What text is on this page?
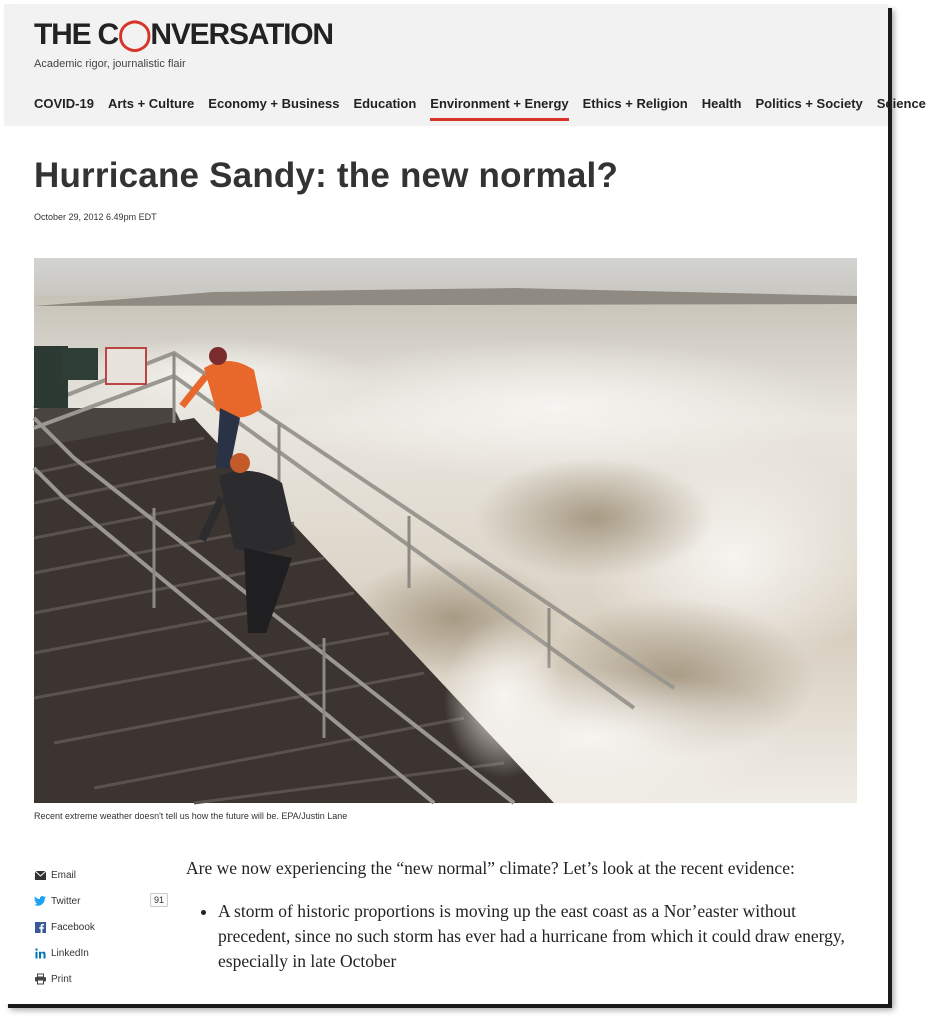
THE C◯NVERSATION
Academic rigor, journalistic flair
COVID-19 Arts + Culture Economy + Business Education Environment + Energy Ethics + Religion Health Politics + Society Science
Hurricane Sandy: the new normal?
October 29, 2012 6.49pm EDT
Recent extreme weather doesn't tell us how the future will be. EPA/Justin Lane
Email
Twitter	91
Facebook
LinkedIn
Print

Are we now experiencing the “new normal” climate? Let’s look at the recent evidence:

• A storm of historic proportions is moving up the east coast as a Nor’easter without precedent, since no such storm has ever had a hurricane from which it could draw energy, especially in late October
